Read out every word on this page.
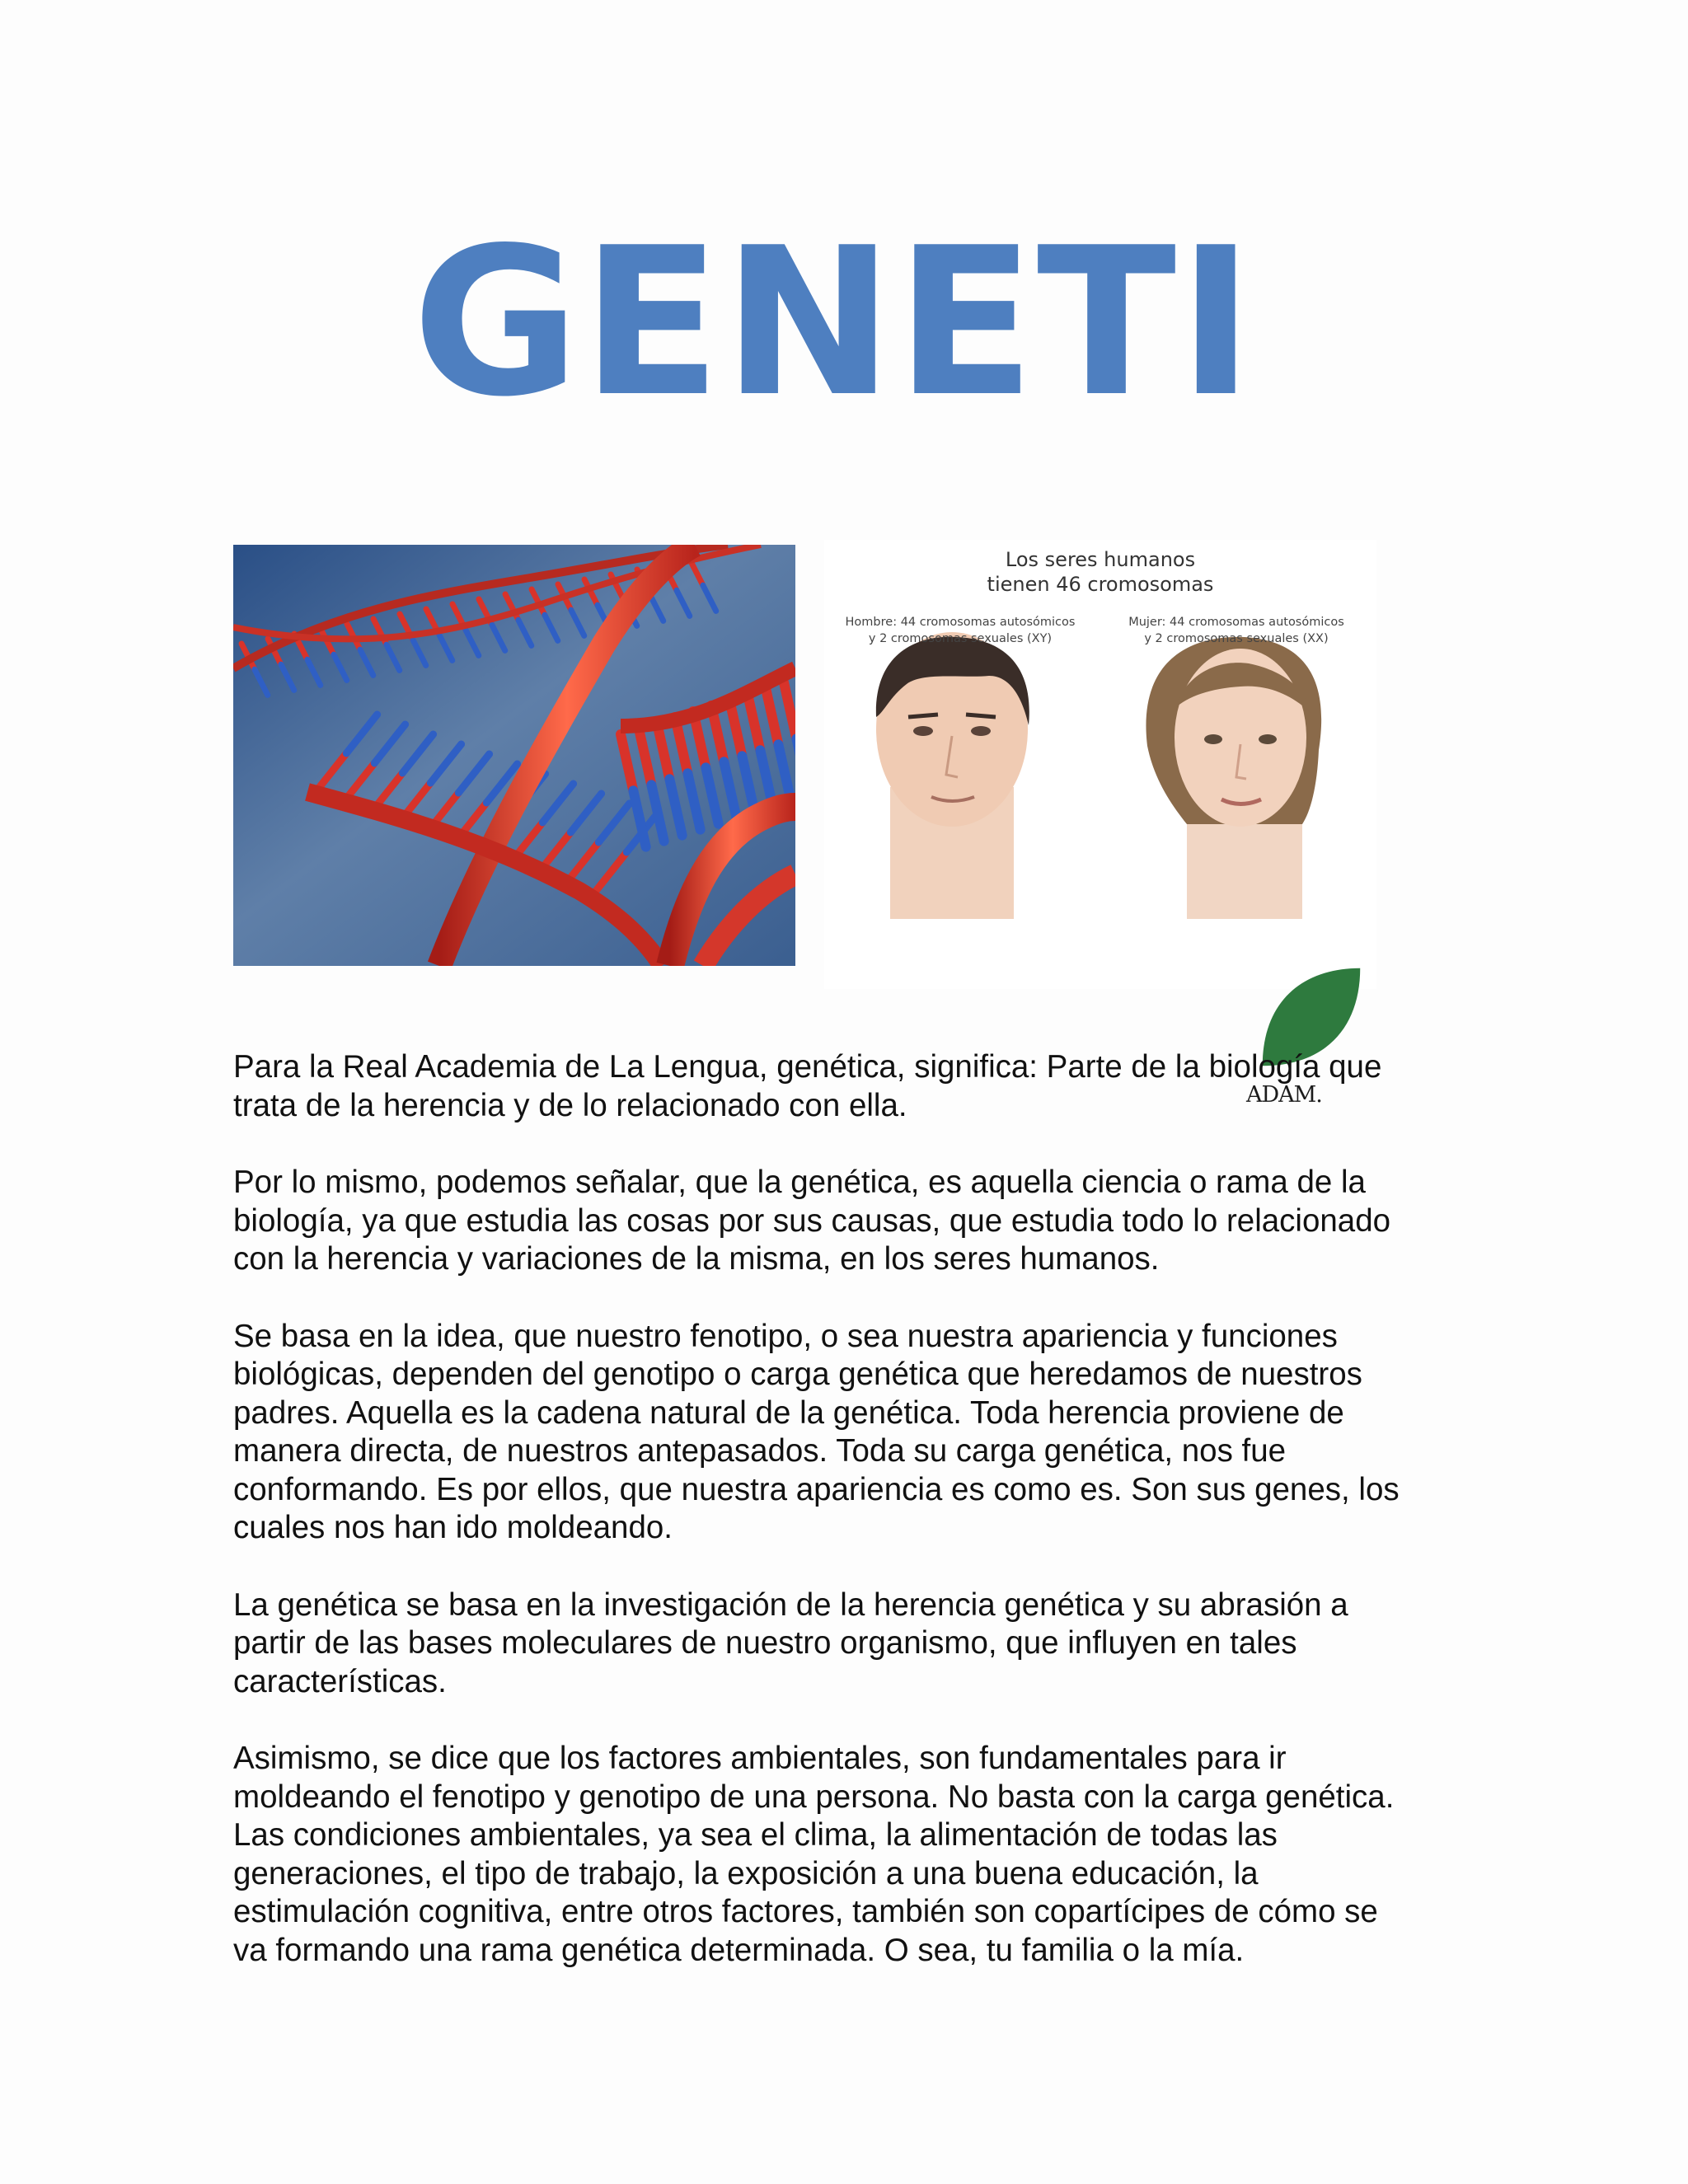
GENETI
Los seres humanos
tienen 46 cromosomas
Hombre: 44 cromosomas autosómicos
y 2 cromosomas sexuales (XY)
Mujer: 44 cromosomas autosómicos
y 2 cromosomas sexuales (XX)
ADAM.

Para la Real Academia de La Lengua, genética, significa: Parte de la biología que
trata de la herencia y de lo relacionado con ella.

Por lo mismo, podemos señalar, que la genética, es aquella ciencia o rama de la
biología, ya que estudia las cosas por sus causas, que estudia todo lo relacionado
con la herencia y variaciones de la misma, en los seres humanos.

Se basa en la idea, que nuestro fenotipo, o sea nuestra apariencia y funciones
biológicas, dependen del genotipo o carga genética que heredamos de nuestros
padres. Aquella es la cadena natural de la genética. Toda herencia proviene de
manera directa, de nuestros antepasados. Toda su carga genética, nos fue
conformando. Es por ellos, que nuestra apariencia es como es. Son sus genes, los
cuales nos han ido moldeando.

La genética se basa en la investigación de la herencia genética y su abrasión a
partir de las bases moleculares de nuestro organismo, que influyen en tales
características.

Asimismo, se dice que los factores ambientales, son fundamentales para ir
moldeando el fenotipo y genotipo de una persona. No basta con la carga genética.
Las condiciones ambientales, ya sea el clima, la alimentación de todas las
generaciones, el tipo de trabajo, la exposición a una buena educación, la
estimulación cognitiva, entre otros factores, también son copartícipes de cómo se
va formando una rama genética determinada. O sea, tu familia o la mía.
